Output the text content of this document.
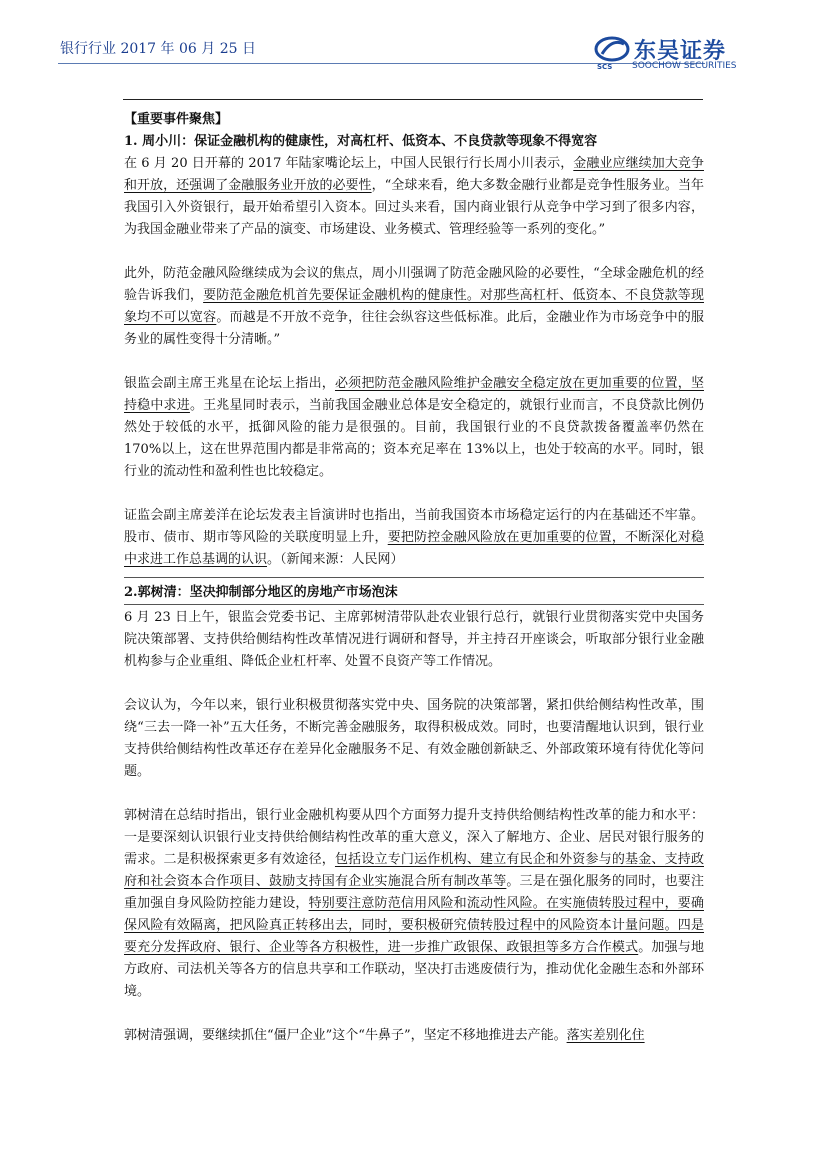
银行行业 2017 年 06 月 25 日
SCS
东吴证券
SOOCHOW SECURITIES

【重要事件聚焦】

1. 周小川：保证金融机构的健康性，对高杠杆、低资本、不良贷款等现象不得宽容

在 6 月 20 日开幕的 2017 年陆家嘴论坛上，中国人民银行行长周小川表示，金融业应继续加大竞争和开放，还强调了金融服务业开放的必要性，“全球来看，绝大多数金融行业都是竞争性服务业。当年我国引入外资银行，最开始希望引入资本。回过头来看，国内商业银行从竞争中学习到了很多内容，为我国金融业带来了产品的演变、市场建设、业务模式、管理经验等一系列的变化。”

此外，防范金融风险继续成为会议的焦点，周小川强调了防范金融风险的必要性，“全球金融危机的经验告诉我们，要防范金融危机首先要保证金融机构的健康性。对那些高杠杆、低资本、不良贷款等现象均不可以宽容。而越是不开放不竞争，往往会纵容这些低标准。此后，金融业作为市场竞争中的服务业的属性变得十分清晰。”

银监会副主席王兆星在论坛上指出，必须把防范金融风险维护金融安全稳定放在更加重要的位置，坚持稳中求进。王兆星同时表示，当前我国金融业总体是安全稳定的，就银行业而言，不良贷款比例仍然处于较低的水平，抵御风险的能力是很强的。目前，我国银行业的不良贷款拨备覆盖率仍然在 170%以上，这在世界范围内都是非常高的；资本充足率在 13%以上，也处于较高的水平。同时，银行业的流动性和盈利性也比较稳定。

证监会副主席姜洋在论坛发表主旨演讲时也指出，当前我国资本市场稳定运行的内在基础还不牢靠。股市、债市、期市等风险的关联度明显上升，要把防控金融风险放在更加重要的位置，不断深化对稳中求进工作总基调的认识。（新闻来源：人民网）

2.郭树清：坚决抑制部分地区的房地产市场泡沫

6 月 23 日上午，银监会党委书记、主席郭树清带队赴农业银行总行，就银行业贯彻落实党中央国务院决策部署、支持供给侧结构性改革情况进行调研和督导，并主持召开座谈会，听取部分银行业金融机构参与企业重组、降低企业杠杆率、处置不良资产等工作情况。

会议认为，今年以来，银行业积极贯彻落实党中央、国务院的决策部署，紧扣供给侧结构性改革，围绕“三去一降一补”五大任务，不断完善金融服务，取得积极成效。同时，也要清醒地认识到，银行业支持供给侧结构性改革还存在差异化金融服务不足、有效金融创新缺乏、外部政策环境有待优化等问题。

郭树清在总结时指出，银行业金融机构要从四个方面努力提升支持供给侧结构性改革的能力和水平：一是要深刻认识银行业支持供给侧结构性改革的重大意义，深入了解地方、企业、居民对银行服务的需求。二是积极探索更多有效途径，包括设立专门运作机构、建立有民企和外资参与的基金、支持政府和社会资本合作项目、鼓励支持国有企业实施混合所有制改革等。三是在强化服务的同时，也要注重加强自身风险防控能力建设，特别要注意防范信用风险和流动性风险。在实施债转股过程中，要确保风险有效隔离，把风险真正转移出去，同时，要积极研究债转股过程中的风险资本计量问题。四是要充分发挥政府、银行、企业等各方积极性，进一步推广政银保、政银担等多方合作模式。加强与地方政府、司法机关等各方的信息共享和工作联动，坚决打击逃废债行为，推动优化金融生态和外部环境。

郭树清强调，要继续抓住“僵尸企业”这个“牛鼻子”，坚定不移地推进去产能。落实差别化住
